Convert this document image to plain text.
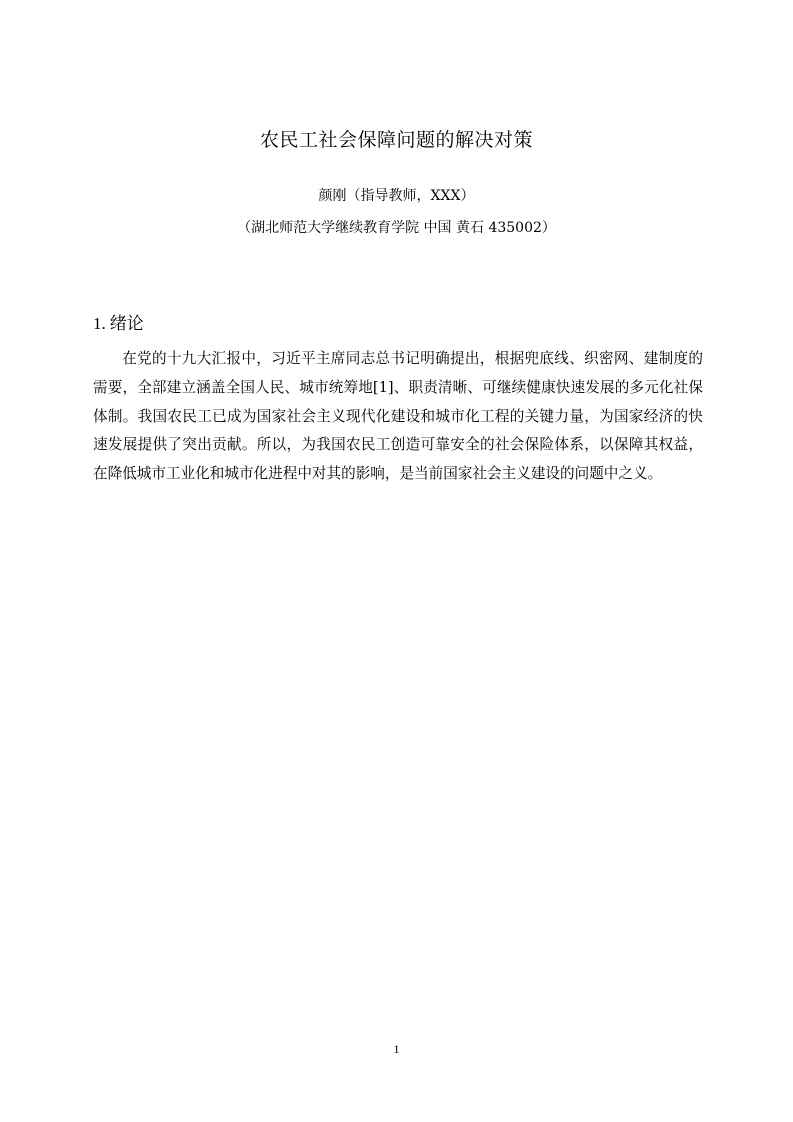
农民工社会保障问题的解决对策
颜刚（指导教师，XXX）
（湖北师范大学继续教育学院 中国 黄石 435002）
1. 绪论

在党的十九大汇报中，习近平主席同志总书记明确提出，根据兜底线、织密网、建制度的需要，全部建立涵盖全国人民、城市统筹地[1]、职责清晰、可继续健康快速发展的多元化社保体制。我国农民工已成为国家社会主义现代化建设和城市化工程的关键力量，为国家经济的快速发展提供了突出贡献。所以，为我国农民工创造可靠安全的社会保险体系，以保障其权益，在降低城市工业化和城市化进程中对其的影响，是当前国家社会主义建设的问题中之义。

1
